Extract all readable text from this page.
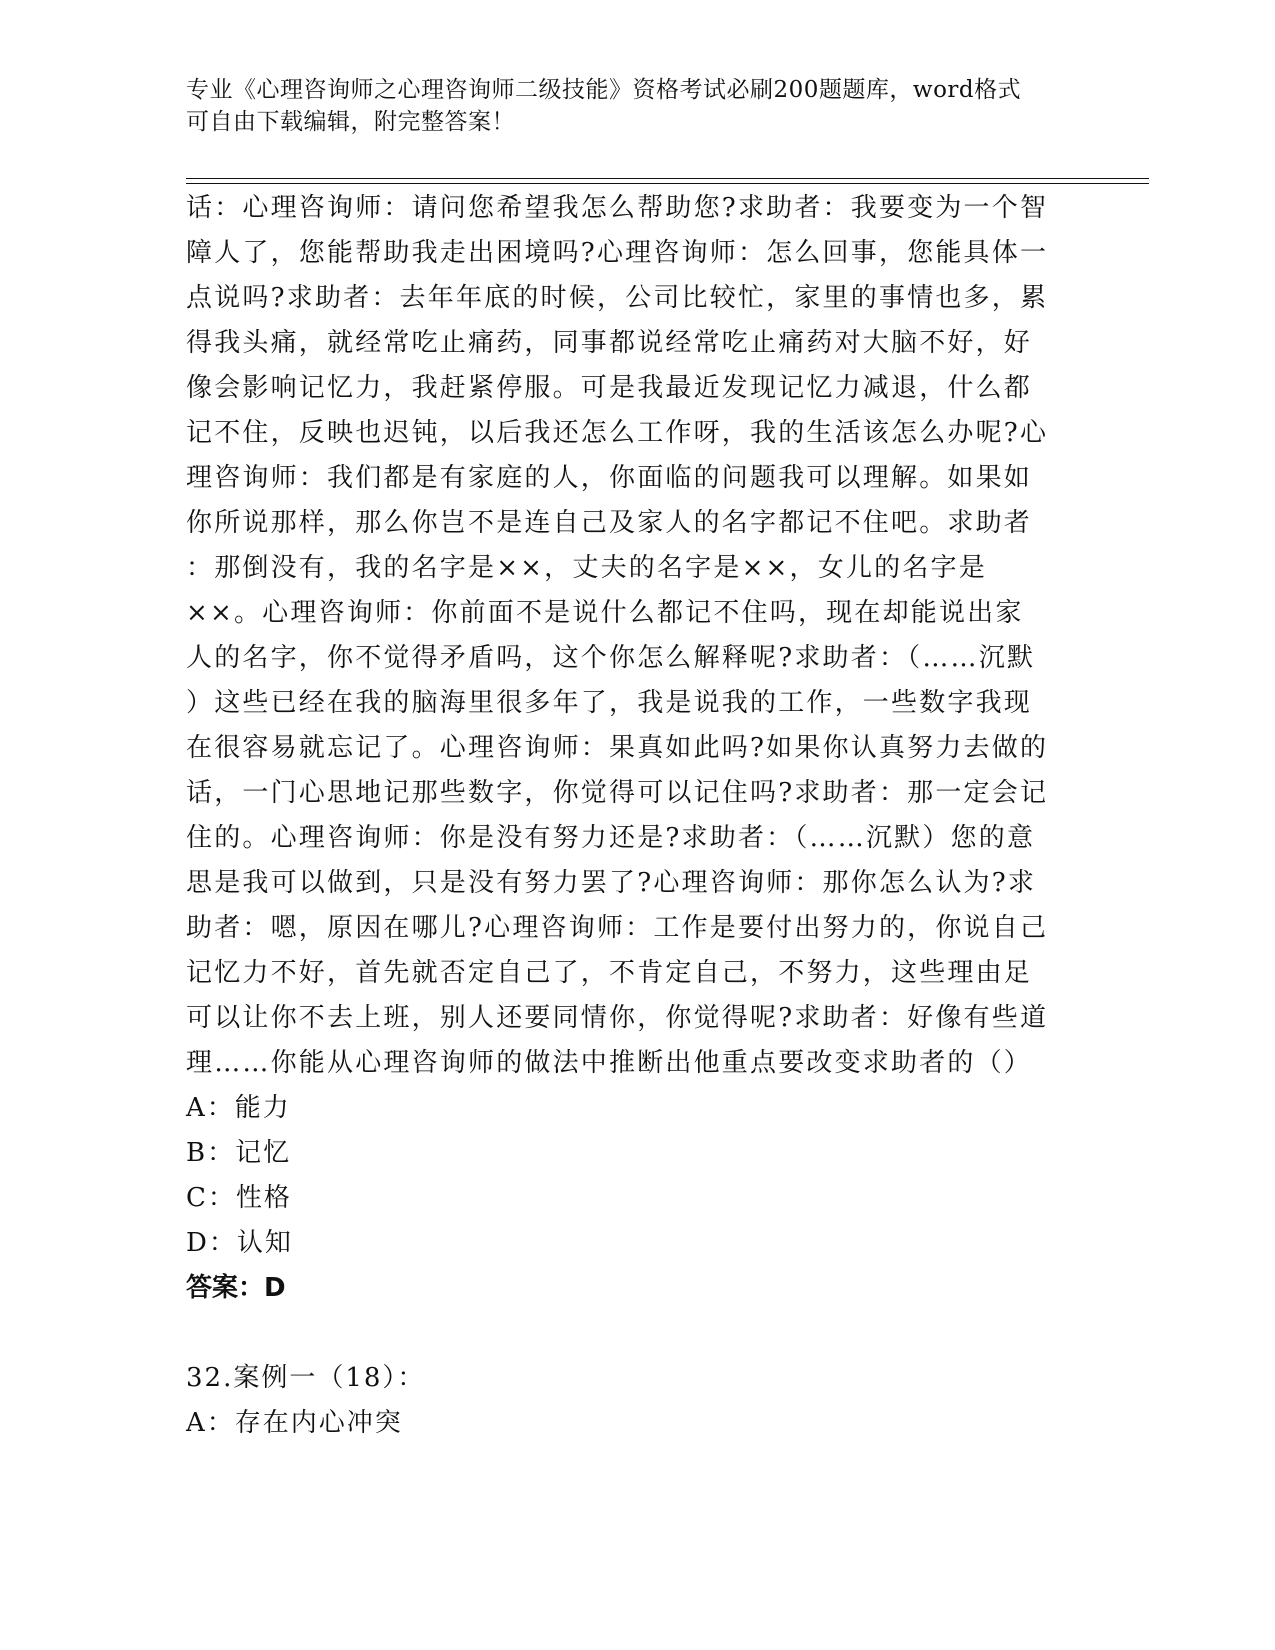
专业《心理咨询师之心理咨询师二级技能》资格考试必刷200题题库，word格式
可自由下载编辑，附完整答案！
话：心理咨询师：请问您希望我怎么帮助您?求助者：我要变为一个智
障人了，您能帮助我走出困境吗?心理咨询师：怎么回事，您能具体一
点说吗?求助者：去年年底的时候，公司比较忙，家里的事情也多，累
得我头痛，就经常吃止痛药，同事都说经常吃止痛药对大脑不好，好
像会影响记忆力，我赶紧停服。可是我最近发现记忆力减退，什么都
记不住，反映也迟钝，以后我还怎么工作呀，我的生活该怎么办呢?心
理咨询师：我们都是有家庭的人，你面临的问题我可以理解。如果如
你所说那样，那么你岂不是连自己及家人的名字都记不住吧。求助者
：那倒没有，我的名字是××，丈夫的名字是××，女儿的名字是
××。心理咨询师：你前面不是说什么都记不住吗，现在却能说出家
人的名字，你不觉得矛盾吗，这个你怎么解释呢?求助者：（……沉默
）这些已经在我的脑海里很多年了，我是说我的工作，一些数字我现
在很容易就忘记了。心理咨询师：果真如此吗?如果你认真努力去做的
话，一门心思地记那些数字，你觉得可以记住吗?求助者：那一定会记
住的。心理咨询师：你是没有努力还是?求助者：（……沉默）您的意
思是我可以做到，只是没有努力罢了?心理咨询师：那你怎么认为?求
助者：嗯，原因在哪儿?心理咨询师：工作是要付出努力的，你说自己
记忆力不好，首先就否定自己了，不肯定自己，不努力，这些理由足
可以让你不去上班，别人还要同情你，你觉得呢?求助者：好像有些道
理……你能从心理咨询师的做法中推断出他重点要改变求助者的（）
A：能力
B：记忆
C：性格
D：认知
答案：D
32.案例一（18）：
A：存在内心冲突
